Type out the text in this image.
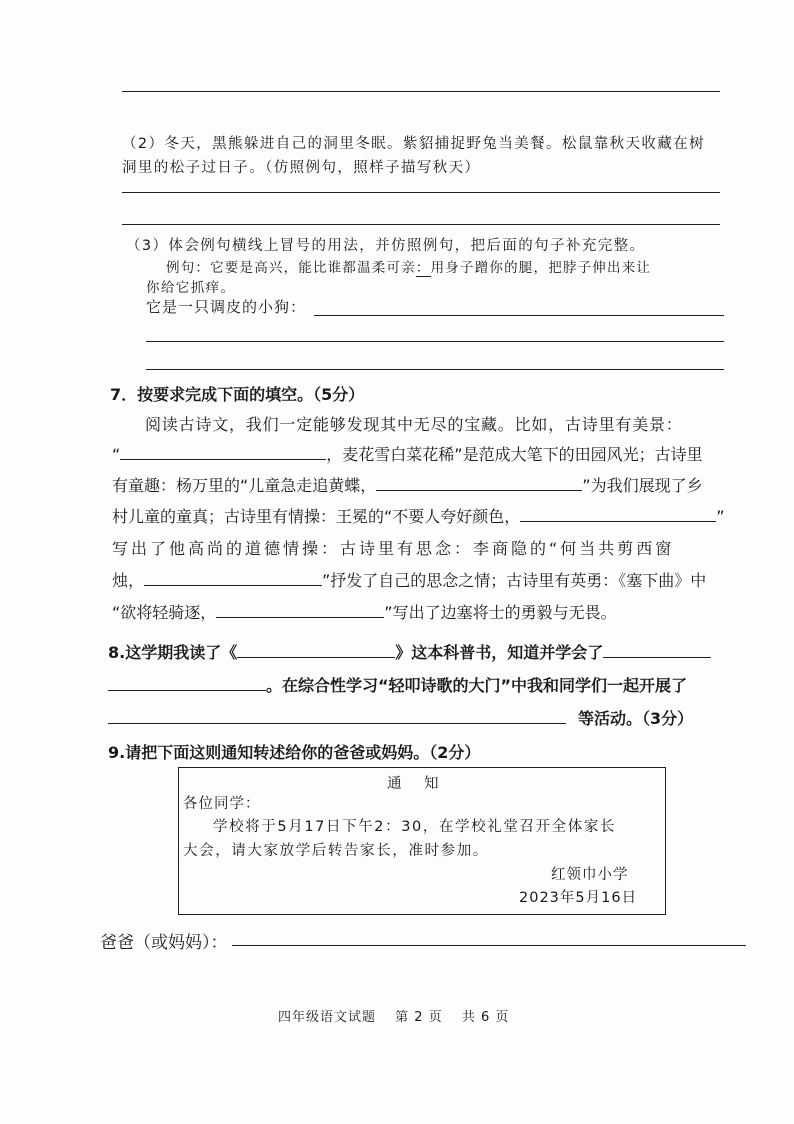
（2）冬天，黑熊躲进自己的洞里冬眠。紫貂捕捉野兔当美餐。松鼠靠秋天收藏在树
洞里的松子过日子。（仿照例句，照样子描写秋天）
（3）体会例句横线上冒号的用法，并仿照例句，把后面的句子补充完整。
例句：它要是高兴，能比谁都温柔可亲：用身子蹭你的腿，把脖子伸出来让
你给它抓痒。
它是一只调皮的小狗：
7．按要求完成下面的填空。（5分）
阅读古诗文，我们一定能够发现其中无尽的宝藏。比如，古诗里有美景：
“	，麦花雪白菜花稀”是范成大笔下的田园风光；古诗里
有童趣：杨万里的“儿童急走追黄蝶，	”为我们展现了乡
村儿童的童真；古诗里有情操：王冕的“不要人夸好颜色，	”
写出了他高尚的道德情操：古诗里有思念：李商隐的“何当共剪西窗
烛，	”抒发了自己的思念之情；古诗里有英勇：《塞下曲》中
“欲将轻骑逐，	”写出了边塞将士的勇毅与无畏。
8.这学期我读了《	》这本科普书，知道并学会了
。在综合性学习“轻叩诗歌的大门”中我和同学们一起开展了
等活动。（3分）
9.请把下面这则通知转述给你的爸爸或妈妈。（2分）
通　知
各位同学：
学校将于5月17日下午2：30，在学校礼堂召开全体家长
大会，请大家放学后转告家长，准时参加。
红领巾小学
2023年5月16日
爸爸（或妈妈）：
四年级语文试题 第 2 页 共 6 页
